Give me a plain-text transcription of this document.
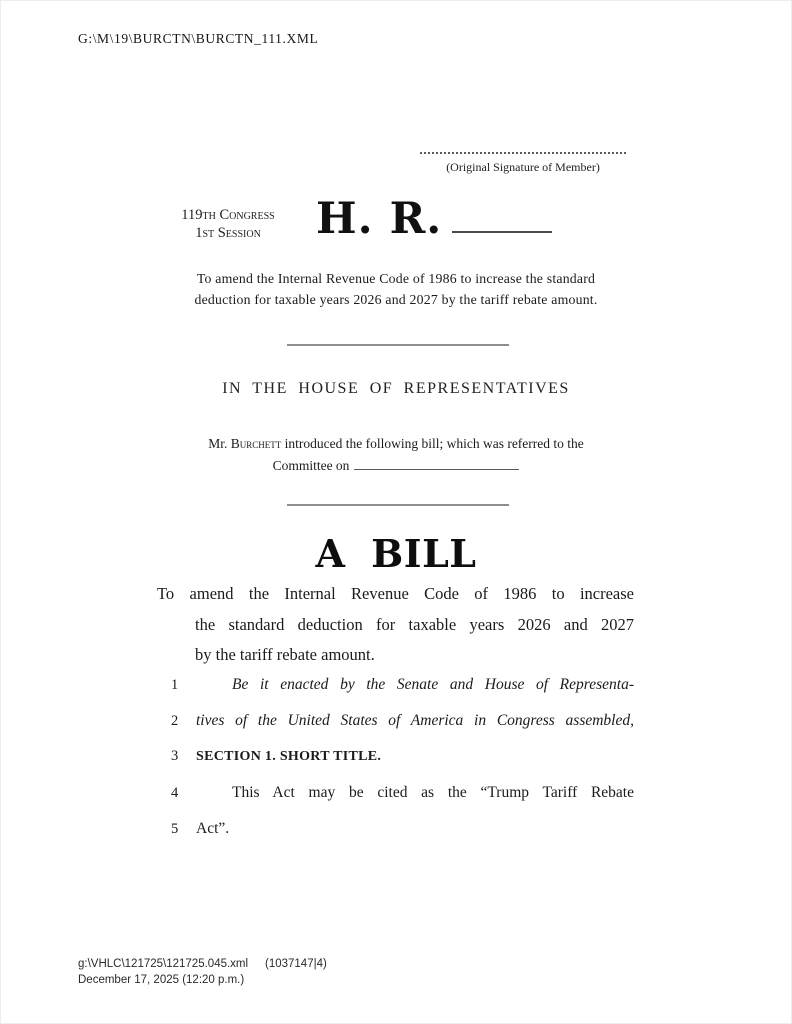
G:\M\19\BURCTN\BURCTN_111.XML
(Original Signature of Member)
119th Congress
1st Session	H. R.
To amend the Internal Revenue Code of 1986 to increase the standard
deduction for taxable years 2026 and 2027 by the tariff rebate amount.
IN THE HOUSE OF REPRESENTATIVES
Mr. Burchett introduced the following bill; which was referred to the
Committee on
A BILL
To amend the Internal Revenue Code of 1986 to increase
the standard deduction for taxable years 2026 and 2027
by the tariff rebate amount.
1	Be it enacted by the Senate and House of Representa-
2	tives of the United States of America in Congress assembled,
3	SECTION 1. SHORT TITLE.
4	This Act may be cited as the “Trump Tariff Rebate
5	Act”.
g:\VHLC\121725\121725.045.xml (1037147|4)
December 17, 2025 (12:20 p.m.)
